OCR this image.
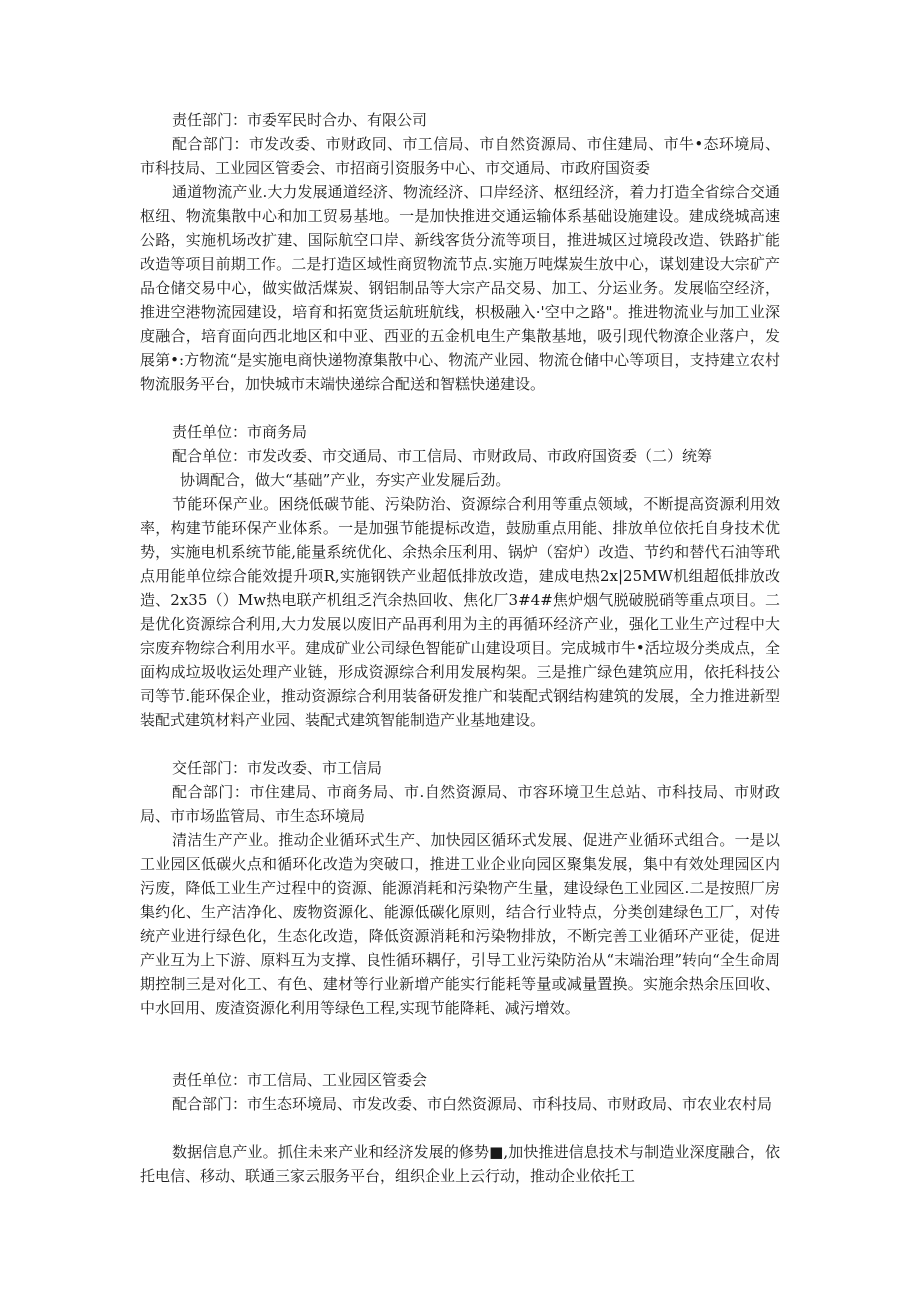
责任部门：市委军民时合办、有限公司

配合部门：市发改委、市财政同、市工信局、市自然资源局、市住建局、市牛•态环境局、市科技局、工业园区管委会、市招商引资服务中心、市交通局、市政府国资委

通道物流产业.大力发展通道经济、物流经济、口岸经济、枢纽经济，着力打造全省综合交通枢纽、物流集散中心和加工贸易基地。一是加快推进交通运输体系基础设施建设。建成绕城高速公路，实施机场改扩建、国际航空口岸、新线客货分流等项目，推进城区过境段改造、铁路扩能改造等项目前期工作。二是打造区域性商贸物流节点.实施万吨煤炭生放中心，谋划建设大宗矿产品仓储交易中心，做实做活煤炭、钢铝制品等大宗产品交易、加工、分运业务。发展临空经济，推进空港物流园建设，培育和拓宽货运航班航线，枳极融入·'空中之路"。推进物流业与加工业深度融合，培育面向西北地区和中亚、西亚的五金机电生产集散基地，吸引现代物潦企业落户，发展第•:方物流“是实施电商快递物潦集散中心、物流产业园、物流仓储中心等项目，支持建立农村物流服务平台，加快城市末端快递综合配送和智糕快递建设。

责任单位：市商务局

配合单位：市发改委、市交通局、市工信局、市财政局、市政府国资委（二）统筹

协调配合，做大“基础”产业，夯实产业发屣后劲。

节能环保产业。困绕低碳节能、污染防治、资源综合利用等重点领域，不断提高资源利用效率，构建节能环保产业体系。一是加强节能提标改造，鼓励重点用能、排放单位依托自身技术优势，实施电机系统节能,能量系统优化、余热余压利用、锅炉（窑炉）改造、节约和替代石油等玳点用能单位综合能效提升项R,实施钢铁产业超低排放改造，建成电热2x|25MW机组超低排放改造、2x35（）Mw热电联产机组乏汽余热回收、焦化厂3#4#焦炉烟气脱破脱硝等重点项目。二是优化资源综合利用,大力发展以废旧产品再利用为主的再循环经济产业，强化工业生产过程中大宗废弃物综合利用水平。建成矿业公司绿色智能矿山建设项目。完成城市牛•活垃圾分类成点，全面构成垃圾收运处理产业链，形成资源综合利用发展构架。三是推广绿色建筑应用，依托科技公司等节.能环保企业，推动资源综合利用装备研发推广和装配式钢结构建筑的发展，全力推进新型装配式建筑材料产业园、装配式建筑智能制造产业基地建设。

交任部门：市发改委、市工信局

配合部门：市住建局、市商务局、市.自然资源局、市容环境卫生总站、市科技局、市财政局、市市场监管局、市生态环境局

清洁生产产业。推动企业循环式生产、加快园区循环式发展、促进产业循环式组合。一是以工业园区低碳火点和循环化改造为突破口，推进工业企业向园区聚集发展，集中有效处理园区内污废，降低工业生产过程中的资源、能源消耗和污染物产生量，建设绿色工业园区.二是按照厂房集约化、生产洁净化、废物资源化、能源低碳化原则，结合行业特点，分类创建绿色工厂，对传统产业进行绿色化，生态化改造，降低资源消耗和污染物排放，不断完善工业循环产亚徒，促进产业互为上下游、原料互为支撑、良性循环耦仔，引导工业污染防治从“末端治理”转向“全生命周期控制三是对化工、有色、建材等行业新增产能实行能耗等量或减量置换。实施余热余压回收、中水回用、废渣资源化利用等绿色工程,实现节能降耗、减污增效。

责任单位：市工信局、工业园区管委会

配合部门：市生态环境局、市发改委、市白然资源局、市科技局、市财政局、市农业农村局

数据信息产业。抓住未来产业和经济发展的修势■,加快推进信息技术与制造业深度融合，依托电信、移动、联通三家云服务平台，组织企业上云行动，推动企业依托工
